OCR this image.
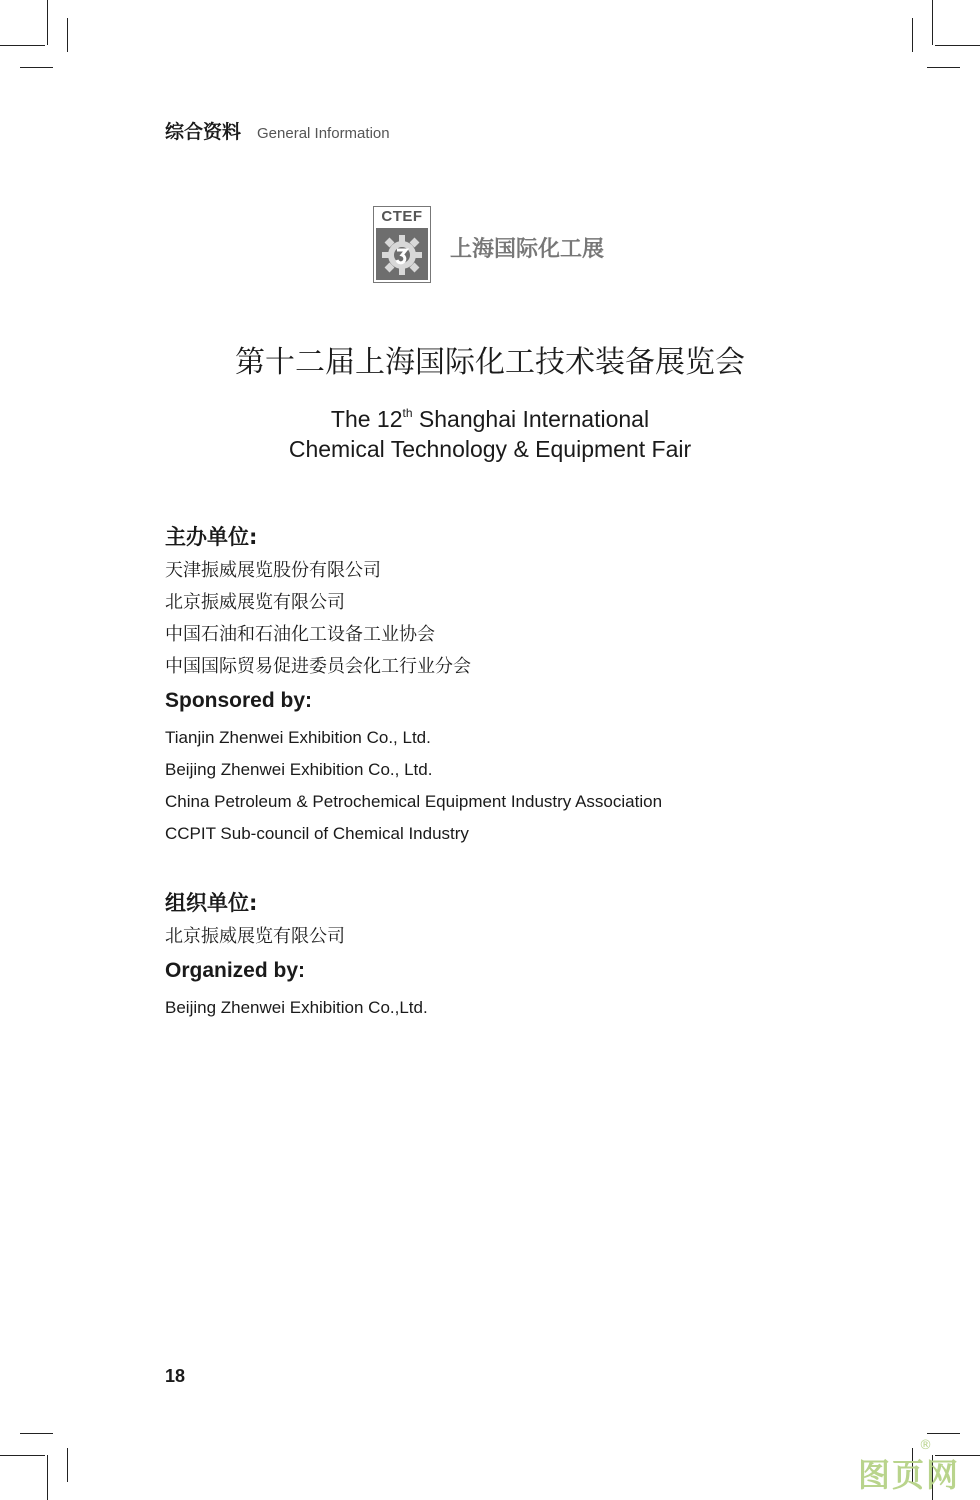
综合资料 General Information
CTEF
上海国际化工展
第十二届上海国际化工技术装备展览会
The 12th Shanghai International
Chemical Technology & Equipment Fair
主办单位:
天津振威展览股份有限公司
北京振威展览有限公司
中国石油和石油化工设备工业协会
中国国际贸易促进委员会化工行业分会
Sponsored by:
Tianjin Zhenwei Exhibition Co., Ltd.
Beijing Zhenwei Exhibition Co., Ltd.
China Petroleum & Petrochemical Equipment Industry Association
CCPIT Sub-council of Chemical Industry
组织单位:
北京振威展览有限公司
Organized by:
Beijing Zhenwei Exhibition Co.,Ltd.
18
图页网
®
